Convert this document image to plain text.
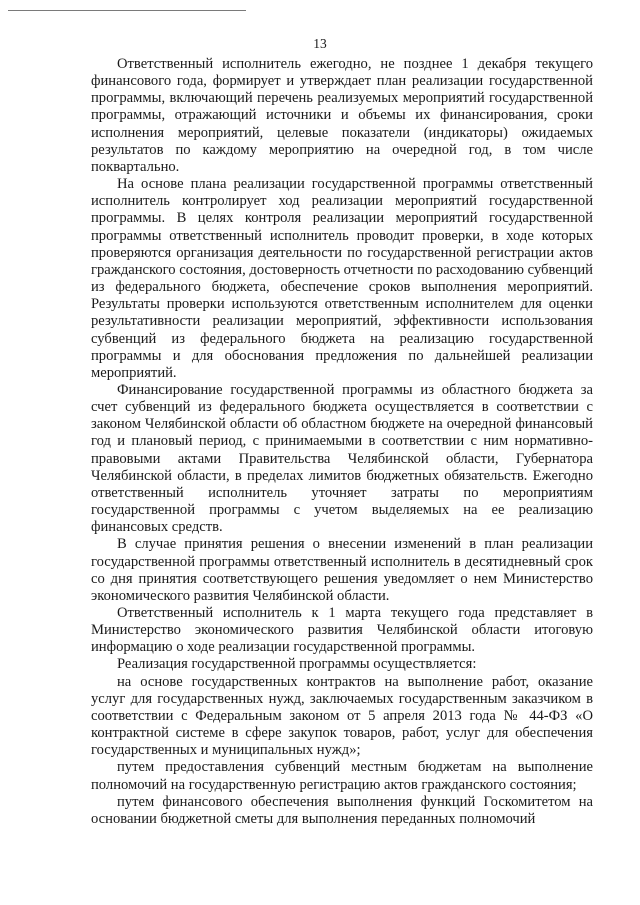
13

Ответственный исполнитель ежегодно, не позднее 1 декабря текущего финансового года, формирует и утверждает план реализации государственной программы, включающий перечень реализуемых мероприятий государственной программы, отражающий источники и объемы их финансирования, сроки исполнения мероприятий, целевые показатели (индикаторы) ожидаемых результатов по каждому мероприятию на очередной год, в том числе поквартально.

На основе плана реализации государственной программы ответственный исполнитель контролирует ход реализации мероприятий государственной программы. В целях контроля реализации мероприятий государственной программы ответственный исполнитель проводит проверки, в ходе которых проверяются организация деятельности по государственной регистрации актов гражданского состояния, достоверность отчетности по расходованию субвенций из федерального бюджета, обеспечение сроков выполнения мероприятий. Результаты проверки используются ответственным исполнителем для оценки результативности реализации мероприятий, эффективности использования субвенций из федерального бюджета на реализацию государственной программы и для обоснования предложения по дальнейшей реализации мероприятий.

Финансирование государственной программы из областного бюджета за счет субвенций из федерального бюджета осуществляется в соответствии с законом Челябинской области об областном бюджете на очередной финансовый год и плановый период, с принимаемыми в соответствии с ним нормативно-правовыми актами Правительства Челябинской области, Губернатора Челябинской области, в пределах лимитов бюджетных обязательств. Ежегодно ответственный исполнитель уточняет затраты по мероприятиям государственной программы с учетом выделяемых на ее реализацию финансовых средств.

В случае принятия решения о внесении изменений в план реализации государственной программы ответственный исполнитель в десятидневный срок со дня принятия соответствующего решения уведомляет о нем Министерство экономического развития Челябинской области.

Ответственный исполнитель к 1 марта текущего года представляет в Министерство экономического развития Челябинской области итоговую информацию о ходе реализации государственной программы.

Реализация государственной программы осуществляется:

на основе государственных контрактов на выполнение работ, оказание услуг для государственных нужд, заключаемых государственным заказчиком в соответствии с Федеральным законом от 5 апреля 2013 года № 44-ФЗ «О контрактной системе в сфере закупок товаров, работ, услуг для обеспечения государственных и муниципальных нужд»;

путем предоставления субвенций местным бюджетам на выполнение полномочий на государственную регистрацию актов гражданского состояния;

путем финансового обеспечения выполнения функций Госкомитетом на основании бюджетной сметы для выполнения переданных полномочий
